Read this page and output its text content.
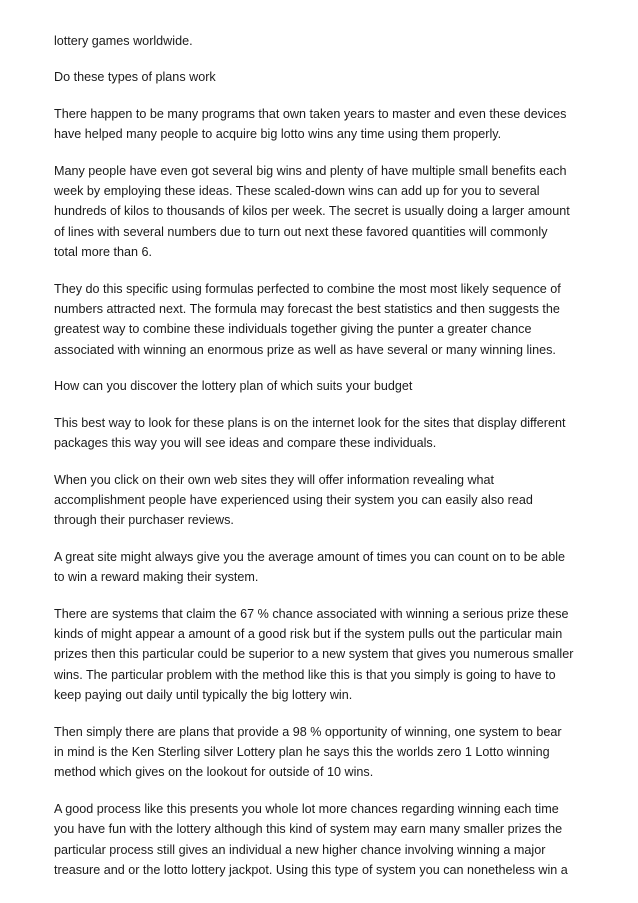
lottery games worldwide.

Do these types of plans work

There happen to be many programs that own taken years to master and even these devices
have helped many people to acquire big lotto wins any time using them properly.

Many people have even got several big wins and plenty of have multiple small benefits each
week by employing these ideas. These scaled-down wins can add up for you to several
hundreds of kilos to thousands of kilos per week. The secret is usually doing a larger amount
of lines with several numbers due to turn out next these favored quantities will commonly
total more than 6.

They do this specific using formulas perfected to combine the most most likely sequence of
numbers attracted next. The formula may forecast the best statistics and then suggests the
greatest way to combine these individuals together giving the punter a greater chance
associated with winning an enormous prize as well as have several or many winning lines.

How can you discover the lottery plan of which suits your budget

This best way to look for these plans is on the internet look for the sites that display different
packages this way you will see ideas and compare these individuals.

When you click on their own web sites they will offer information revealing what
accomplishment people have experienced using their system you can easily also read
through their purchaser reviews.

A great site might always give you the average amount of times you can count on to be able
to win a reward making their system.

There are systems that claim the 67 % chance associated with winning a serious prize these
kinds of might appear a amount of a good risk but if the system pulls out the particular main
prizes then this particular could be superior to a new system that gives you numerous smaller
wins. The particular problem with the method like this is that you simply is going to have to
keep paying out daily until typically the big lottery win.

Then simply there are plans that provide a 98 % opportunity of winning, one system to bear
in mind is the Ken Sterling silver Lottery plan he says this the worlds zero 1 Lotto winning
method which gives on the lookout for outside of 10 wins.

A good process like this presents you whole lot more chances regarding winning each time
you have fun with the lottery although this kind of system may earn many smaller prizes the
particular process still gives an individual a new higher chance involving winning a major
treasure and or the lotto lottery jackpot. Using this type of system you can nonetheless win a
